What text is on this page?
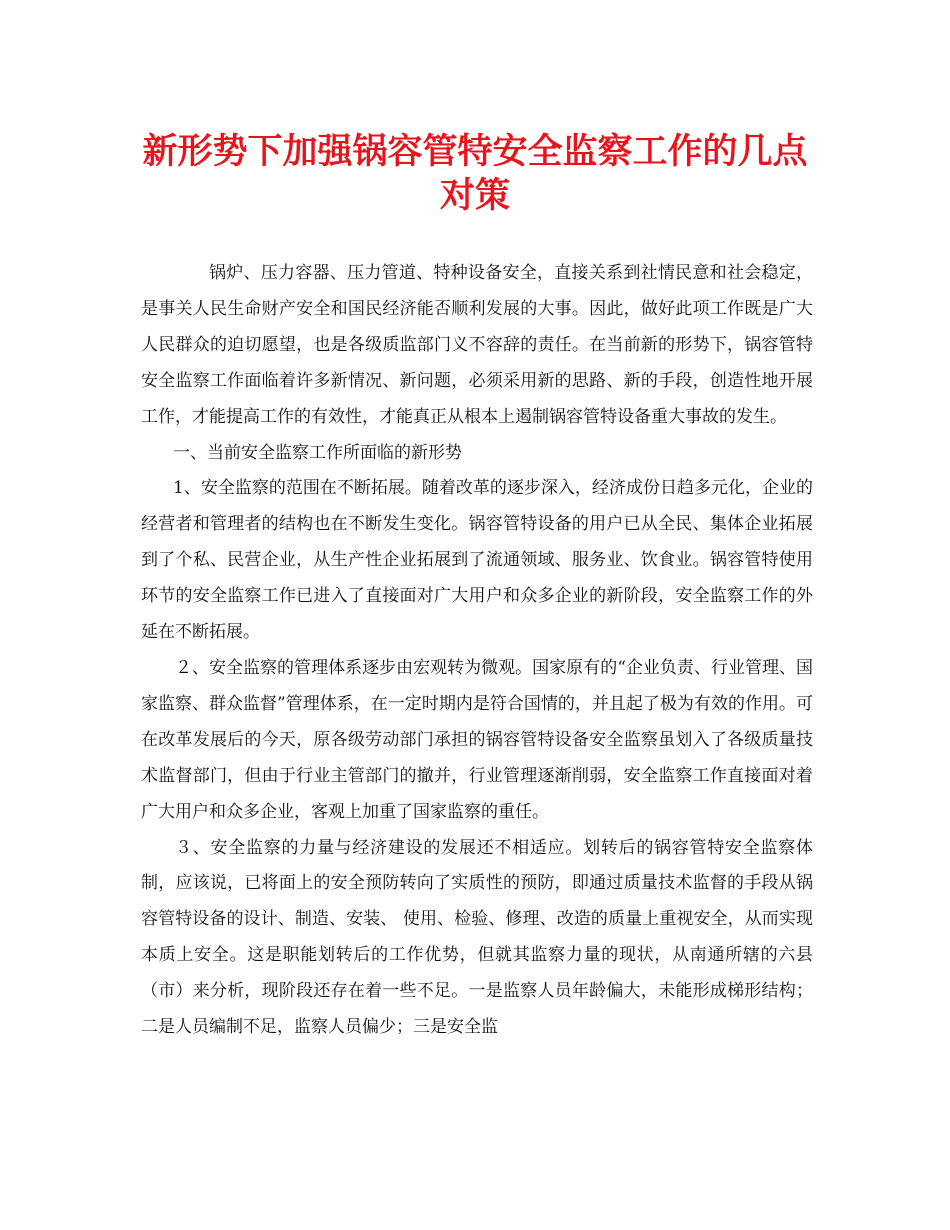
新形势下加强锅容管特安全监察工作的几点
对策

锅炉、压力容器、压力管道、特种设备安全，直接关系到社情民意和社会稳定，是事关人民生命财产安全和国民经济能否顺利发展的大事。因此，做好此项工作既是广大人民群众的迫切愿望，也是各级质监部门义不容辞的责任。在当前新的形势下，锅容管特安全监察工作面临着许多新情况、新问题，必须采用新的思路、新的手段，创造性地开展工作，才能提高工作的有效性，才能真正从根本上遏制锅容管特设备重大事故的发生。

一、当前安全监察工作所面临的新形势

1、安全监察的范围在不断拓展。随着改革的逐步深入，经济成份日趋多元化，企业的经营者和管理者的结构也在不断发生变化。锅容管特设备的用户已从全民、集体企业拓展到了个私、民营企业，从生产性企业拓展到了流通领域、服务业、饮食业。锅容管特使用环节的安全监察工作已进入了直接面对广大用户和众多企业的新阶段，安全监察工作的外延在不断拓展。

２、安全监察的管理体系逐步由宏观转为微观。国家原有的“企业负责、行业管理、国家监察、群众监督”管理体系，在一定时期内是符合国情的，并且起了极为有效的作用。可在改革发展后的今天，原各级劳动部门承担的锅容管特设备安全监察虽划入了各级质量技术监督部门，但由于行业主管部门的撤并，行业管理逐渐削弱，安全监察工作直接面对着广大用户和众多企业，客观上加重了国家监察的重任。

３、安全监察的力量与经济建设的发展还不相适应。划转后的锅容管特安全监察体制，应该说，已将面上的安全预防转向了实质性的预防，即通过质量技术监督的手段从锅容管特设备的设计、制造、安装、 使用、检验、修理、改造的质量上重视安全，从而实现本质上安全。这是职能划转后的工作优势，但就其监察力量的现状，从南通所辖的六县（市）来分析，现阶段还存在着一些不足。一是监察人员年龄偏大，未能形成梯形结构； 二是人员编制不足，监察人员偏少；三是安全监
